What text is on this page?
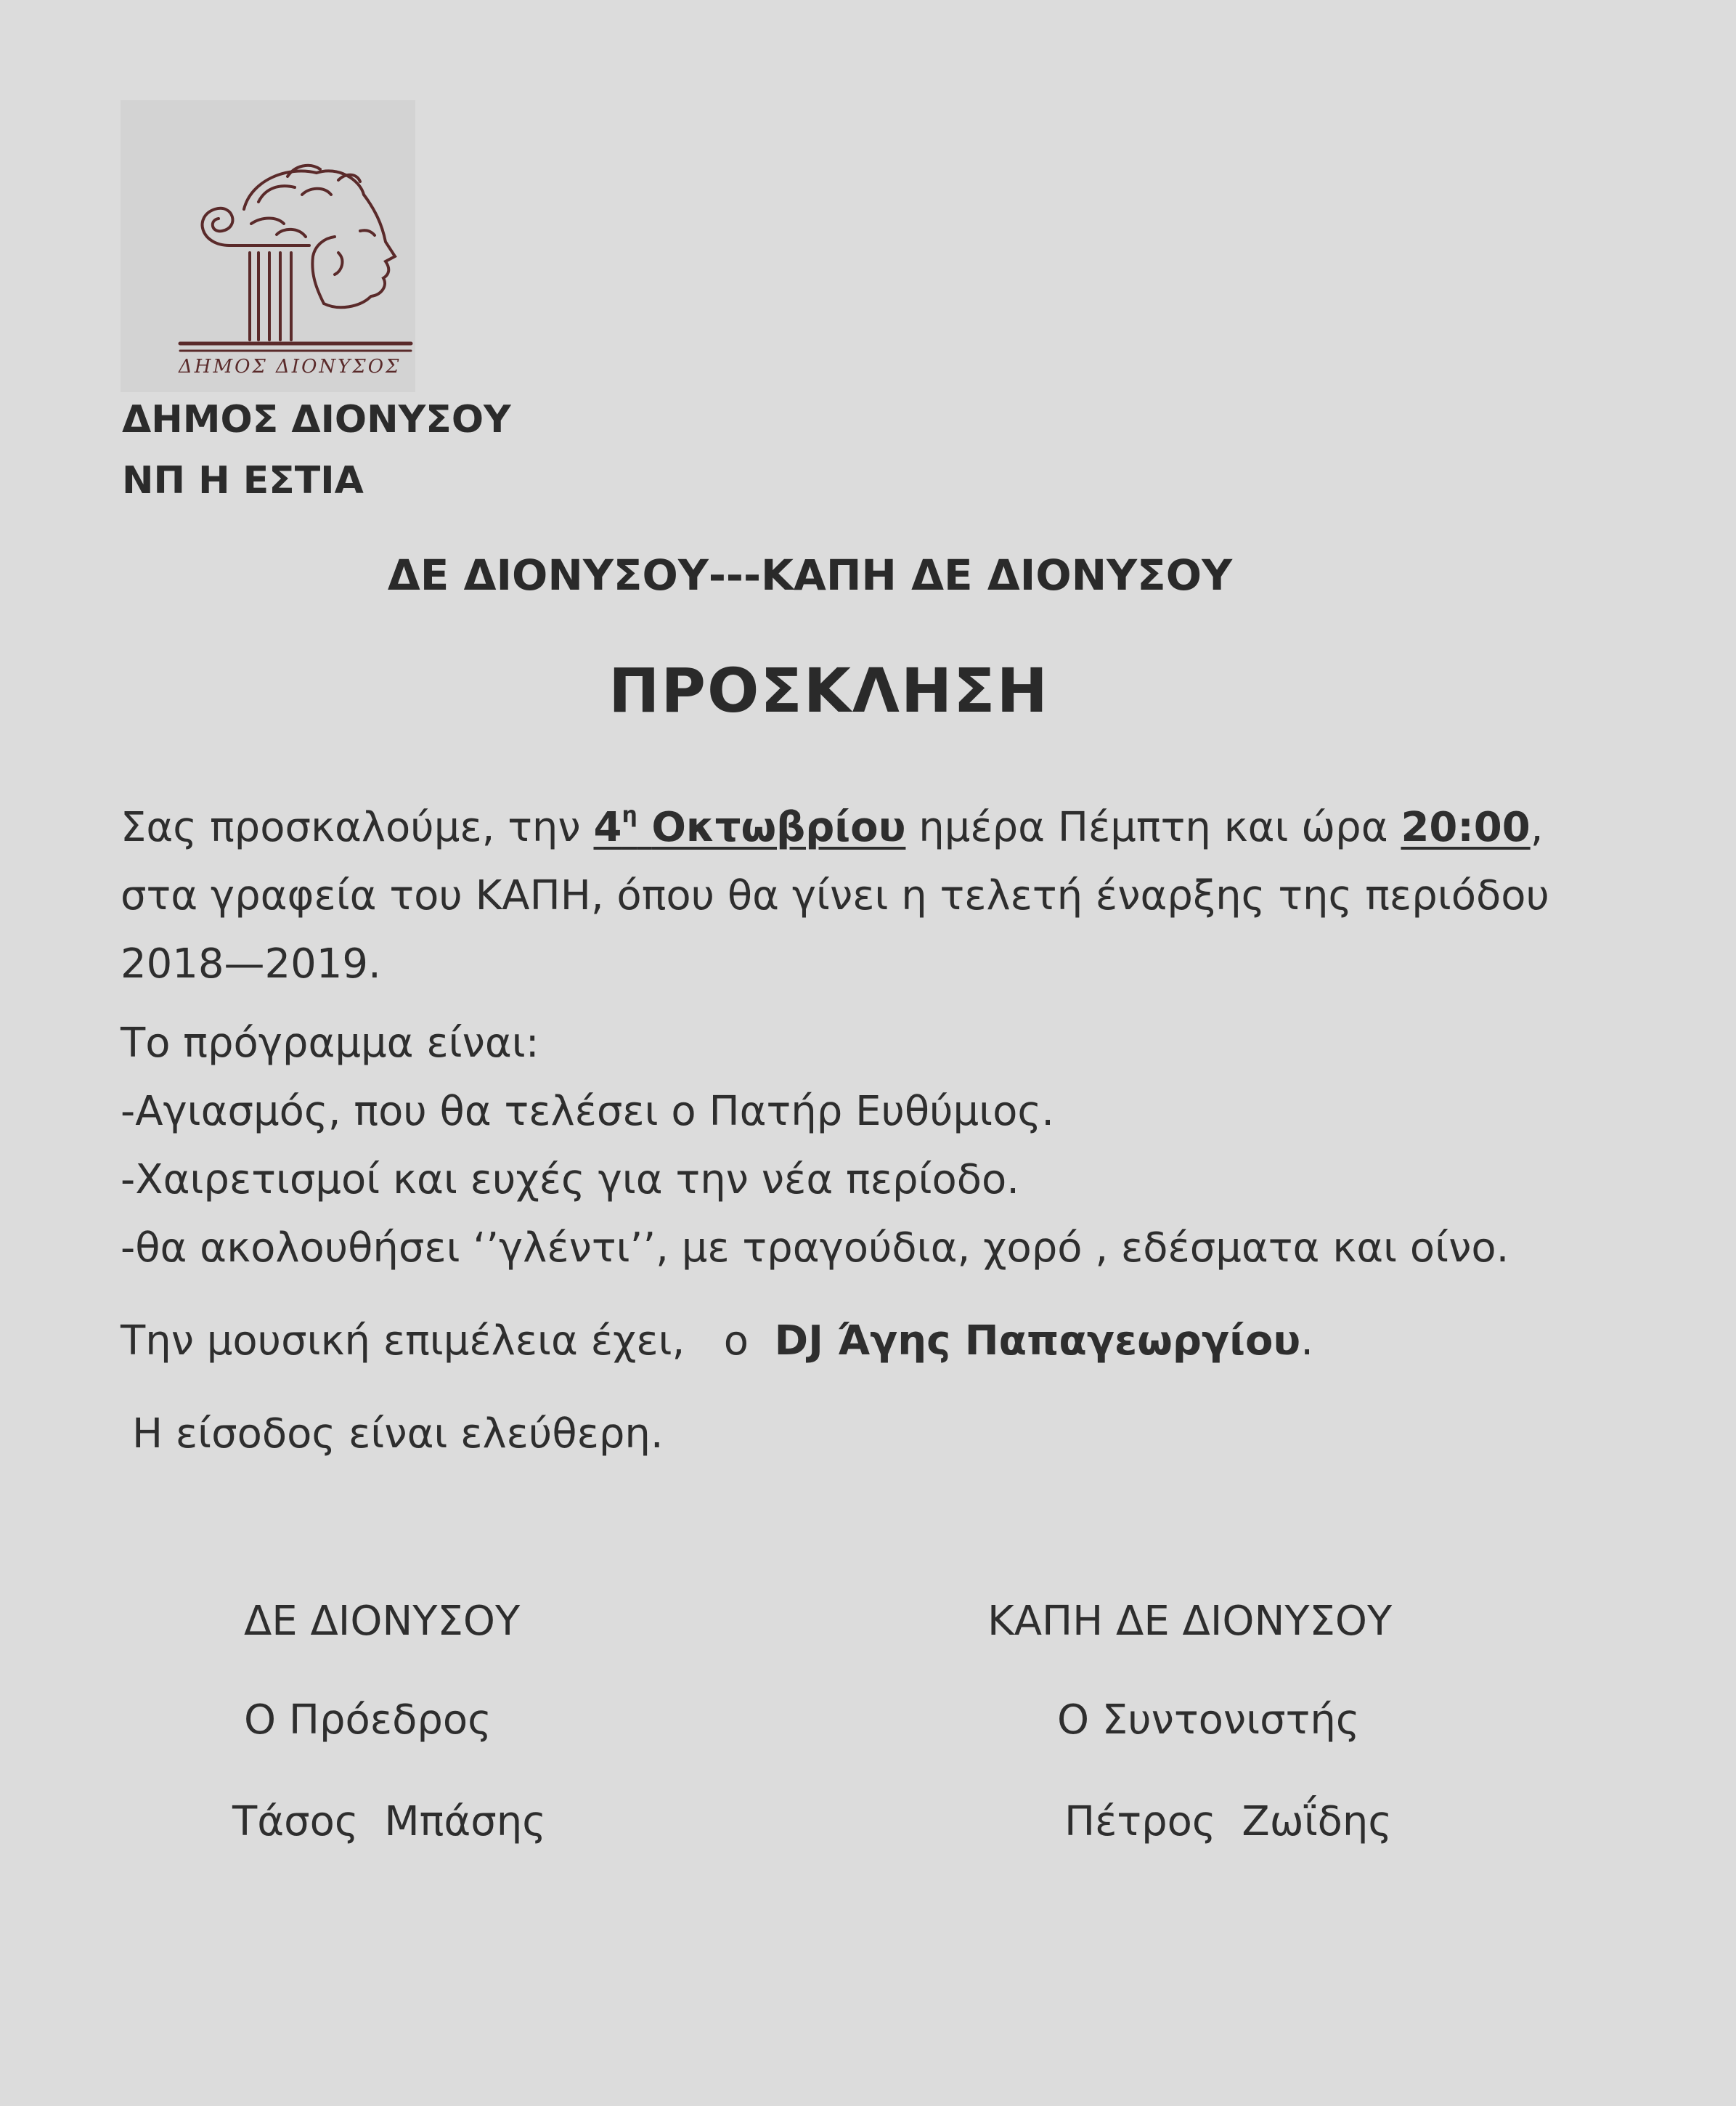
ΔΗΜΟΣ ΔΙΟΝΥΣΟΣ
ΔΗΜΟΣ ΔΙΟΝΥΣΟΥ
ΝΠ Η ΕΣΤΙΑ
ΔΕ ΔΙΟΝΥΣΟΥ---ΚΑΠΗ ΔΕ ΔΙΟΝΥΣΟΥ
ΠΡΟΣΚΛΗΣΗ
Σας προσκαλούμε, την $4^\eta$ Οκτωβρίου ημέρα Πέμπτη και ώρα 20:00,
στα γραφεία του ΚΑΠΗ, όπου θα γίνει η τελετή έναρξης της περιόδου
2018—2019.
Το πρόγραμμα είναι:
-Αγιασμός, που θα τελέσει ο Πατήρ Ευθύμιος.
-Χαιρετισμοί και ευχές για την νέα περίοδο.
-θα ακολουθήσει ‘’γλέντι’’, με τραγούδια, χορό , εδέσματα και οίνο.
Την μουσική επιμέλεια έχει,   ο  DJ Άγης Παπαγεωργίου.
Η είσοδος είναι ελεύθερη.
ΔΕ ΔΙΟΝΥΣΟΥ
Ο Πρόεδρος
Τάσος  Μπάσης
ΚΑΠΗ ΔΕ ΔΙΟΝΥΣΟΥ
Ο Συντονιστής
Πέτρος  Ζωΐδης
